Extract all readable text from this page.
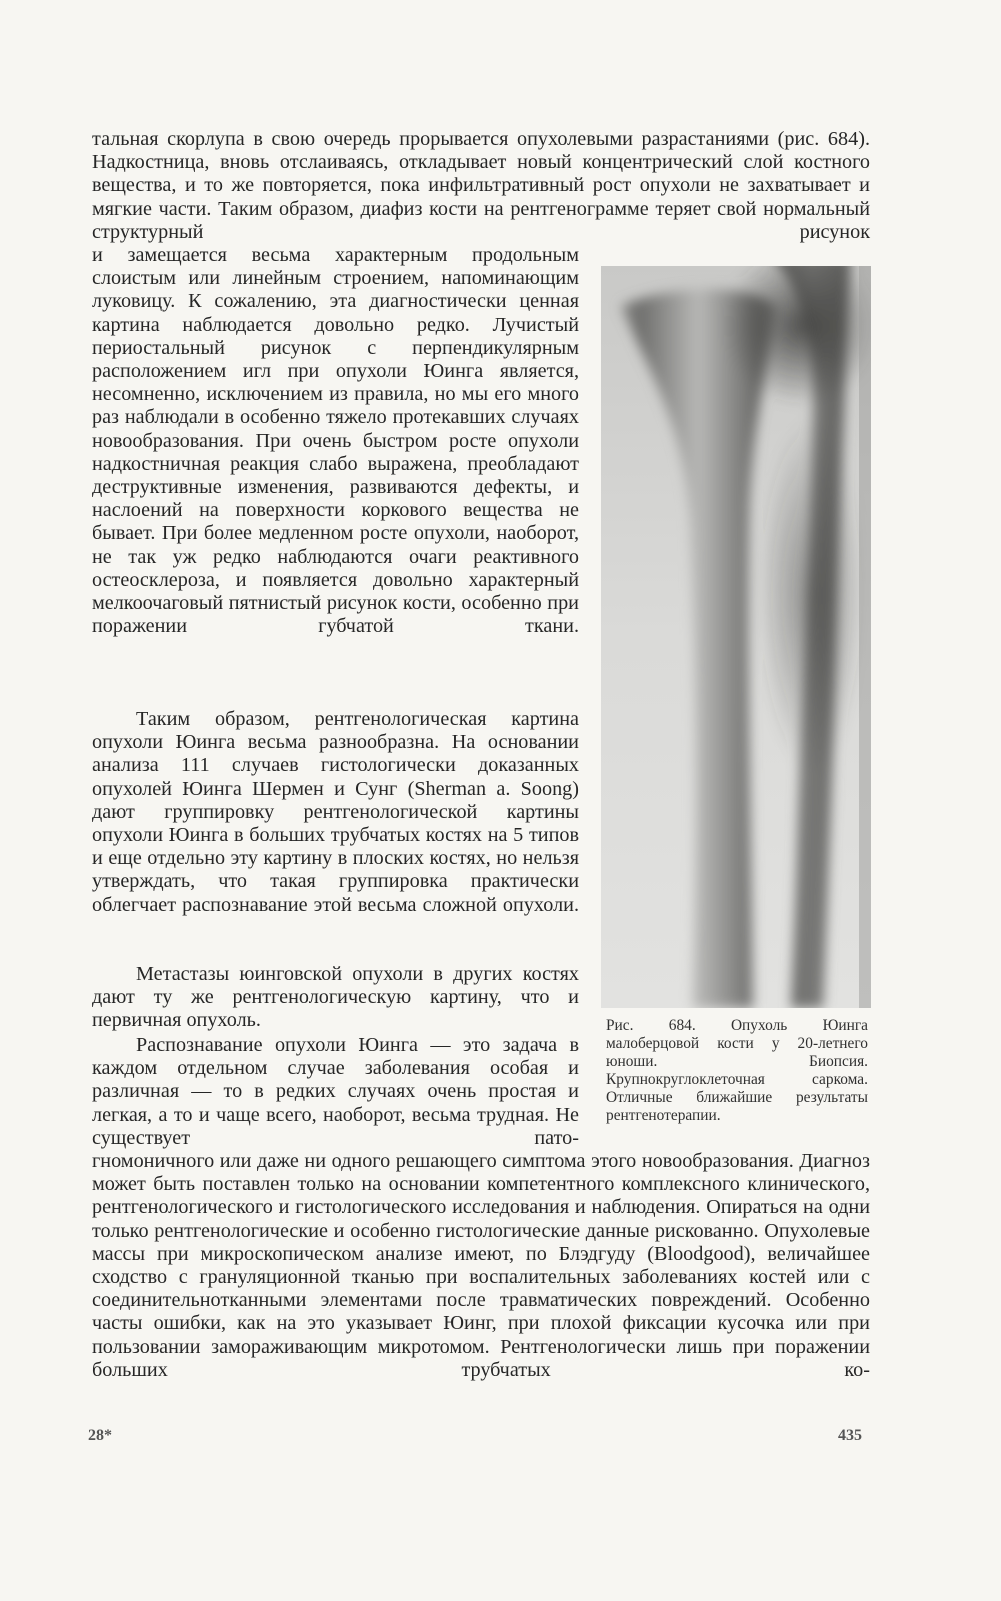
тальная скорлупа в свою очередь прорывается опухолевыми разрастаниями (рис. 684). Надкостница, вновь отслаиваясь, откладывает новый концентрический слой костного вещества, и то же повторяется, пока инфильтративный рост опухоли не захватывает и мягкие части. Таким образом, диафиз кости на рентгенограмме теряет свой нормальный структурный рисунок

и замещается весьма характерным продольным слоистым или линейным строением, напоминающим луковицу. К сожалению, эта диагностически ценная картина наблюдается довольно редко. Лучистый периостальный рисунок с перпендикулярным расположением игл при опухоли Юинга является, несомненно, исключением из правила, но мы его много раз наблюдали в особенно тяжело протекавших случаях новообразования. При очень быстром росте опухоли надкостничная реакция слабо выражена, преобладают деструктивные изменения, развиваются дефекты, и наслоений на поверхности коркового вещества не бывает. При более медленном росте опухоли, наоборот, не так уж редко наблюдаются очаги реактивного остеосклероза, и появляется довольно характерный мелкоочаговый пятнистый рисунок кости, особенно при поражении губчатой ткани.

Таким образом, рентгенологическая картина опухоли Юинга весьма разнообразна. На основании анализа 111 случаев гистологически доказанных опухолей Юинга Шермен и Сунг (Sherman a. Soong) дают группировку рентгенологической картины опухоли Юинга в больших трубчатых костях на 5 типов и еще отдельно эту картину в плоских костях, но нельзя утверждать, что такая группировка практически облегчает распознавание этой весьма сложной опухоли.

Метастазы юинговской опухоли в других костях дают ту же рентгенологическую картину, что и первичная опухоль.

Распознавание опухоли Юинга — это задача в каждом отдельном случае заболевания особая и различная — то в редких случаях очень простая и легкая, а то и чаще всего, наоборот, весьма трудная. Не существует пато-

Рис. 684. Опухоль Юинга малоберцовой кости у 20-летнего юноши. Биопсия. Крупнокруглоклеточная саркома. Отличные ближайшие результаты рентгенотерапии.

гномоничного или даже ни одного решающего симптома этого новообразования. Диагноз может быть поставлен только на основании компетентного комплексного клинического, рентгенологического и гистологического исследования и наблюдения. Опираться на одни только рентгенологические и особенно гистологические данные рискованно. Опухолевые массы при микроскопическом анализе имеют, по Блэдгуду (Bloodgood), величайшее сходство с грануляционной тканью при воспалительных заболеваниях костей или с соединительнотканными элементами после травматических повреждений. Особенно часты ошибки, как на это указывает Юинг, при плохой фиксации кусочка или при пользовании замораживающим микротомом. Рентгенологически лишь при поражении больших трубчатых ко-

28*	435
